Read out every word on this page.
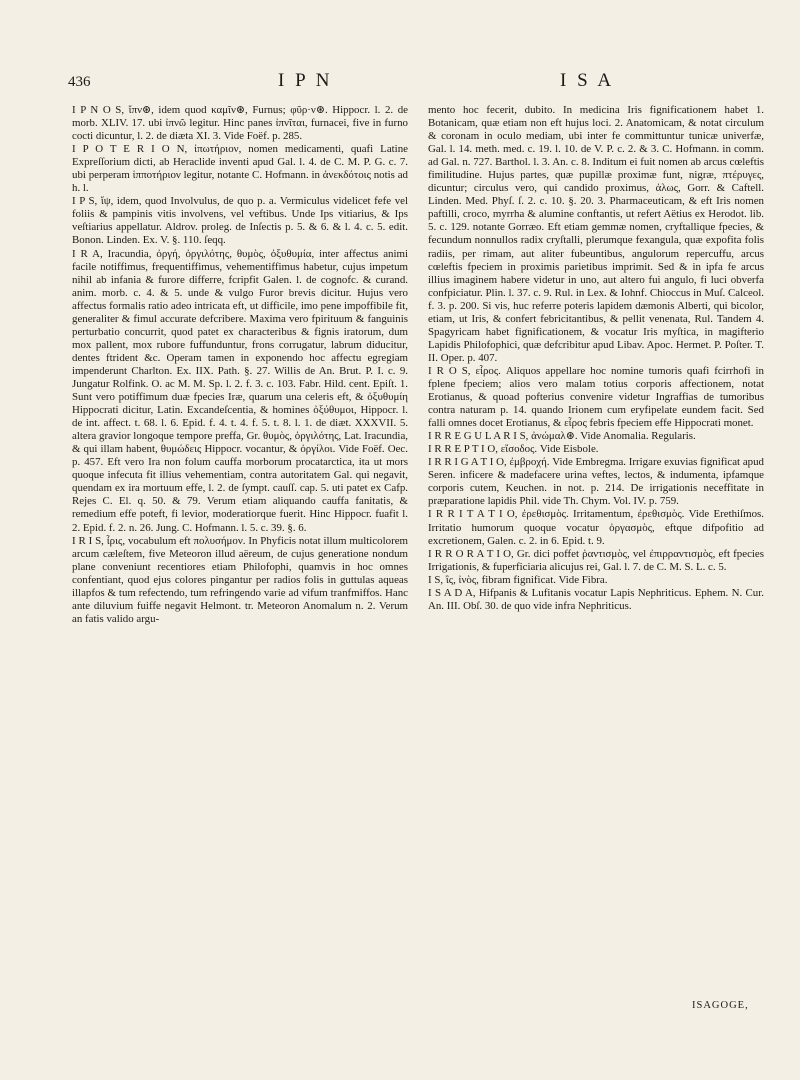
436	I P N	I S A

I P N O S, ἴπν⊛, idem quod καμῖν⊛, Furnus; φῦρ·ν⊛. Hippocr. l. 2. de morb. XLIV. 17. ubi ἰπνῶ legitur. Hinc panes ἰπνῖται, furnacei, five in furno cocti dicuntur, l. 2. de diæta XI. 3. Vide Foëf. p. 285.

I P O T E R I O N, ἰπωτήριον, nomen medicamenti, quafi Latine Expreſſorium dicti, ab Heraclide inventi apud Gal. l. 4. de C. M. P. G. c. 7. ubi perperam ἱπποτήριον legitur, notante C. Hofmann. in ἀνεκδότοις notis ad h. l.

I P S, ἴψ, idem, quod Involvulus, de quo p. a. Vermiculus videlicet fefe vel foliis & pampinis vitis involvens, vel veftibus. Unde Ips vitiarius, & Ips veſtiarius appellatur. Aldrov. proleg. de Inſectis p. 5. & 6. & l. 4. c. 5. edit. Bonon. Linden. Ex. V. §. 110. ſeqq.

I R A, Iracundia, ὀργή, ὀργιλότης, θυμὸς, ὀξυθυμία, inter affectus animi facile notiffimus, frequentiffimus, vehementiffimus habetur, cujus impetum nihil ab infania & furore differre, fcripfit Galen. l. de cognofc. & curand. anim. morb. c. 4. & 5. unde & vulgo Furor brevis dicitur. Hujus vero affectus formalis ratio adeo intricata eft, ut difficile, imo pene impoffibile fit, generaliter & fimul accurate defcribere. Maxima vero fpirituum & fanguinis perturbatio concurrit, quod patet ex characteribus & fignis iratorum, dum mox pallent, mox rubore fuffunduntur, frons corrugatur, labrum diducitur, dentes ftrident &c. Operam tamen in exponendo hoc affectu egregiam impenderunt Charlton. Ex. IIX. Path. §. 27. Willis de An. Brut. P. I. c. 9. Jungatur Rolfink. O. ac M. M. Sp. l. 2. f. 3. c. 103. Fabr. Hild. cent. Epiſt. 1. Sunt vero potiffimum duæ fpecies Iræ, quarum una celeris eft, & ὀξυθυμίη Hippocrati dicitur, Latin. Excandeſcentia, & homines ὀξύθυμοι, Hippocr. l. de int. affect. t. 68. l. 6. Epid. f. 4. t. 4. f. 5. t. 8. l. 1. de diæt. XXXVII. 5. altera gravior longoque tempore preffa, Gr. θυμὸς, ὀργιλότης, Lat. Iracundia, & qui illam habent, θυμώδεις Hippocr. vocantur, & ὀργίλοι. Vide Foëf. Oec. p. 457. Eft vero Ira non folum cauffa morborum procatarctica, ita ut mors quoque infecuta fit illius vehementiam, contra autoritatem Gal. qui negavit, quendam ex ira mortuum effe, l. 2. de ſympt. cauſſ. cap. 5. uti patet ex Cafp. Rejes C. El. q. 50. & 79. Verum etiam aliquando cauffa fanitatis, & remedium effe poteft, fi levior, moderatiorque fuerit. Hinc Hippocr. fuafit l. 2. Epid. f. 2. n. 26. Jung. C. Hofmann. l. 5. c. 39. §. 6.

I R I S, ἶρις, vocabulum eft πολυσήμον. In Phyficis notat illum multicolorem arcum cæleſtem, five Meteoron illud aëreum, de cujus generatione nondum plane conveniunt recentiores etiam Philofophi, quamvis in hoc omnes confentiant, quod ejus colores pingantur per radios folis in guttulas aqueas illapfos & tum refectendo, tum refringendo varie ad vifum tranfmiffos. Hanc ante diluvium fuiffe negavit Helmont. tr. Meteoron Anomalum n. 2. Verum an fatis valido argu-

mento hoc fecerit, dubito. In medicina Iris fignificationem habet 1. Botanicam, quæ etiam non eft hujus loci. 2. Anatomicam, & notat circulum & coronam in oculo mediam, ubi inter fe committuntur tunicæ univerfæ, Gal. l. 14. meth. med. c. 19. l. 10. de V. P. c. 2. & 3. C. Hofmann. in comm. ad Gal. n. 727. Barthol. l. 3. An. c. 8. Inditum ei fuit nomen ab arcus cœleftis fimilitudine. Hujus partes, quæ pupillæ proximæ funt, nigræ, πτέρυγες, dicuntur; circulus vero, qui candido proximus, ἀλως, Gorr. & Caftell. Linden. Med. Phyſ. ſ. 2. c. 10. §. 20. 3. Pharmaceuticam, & eft Iris nomen paftilli, croco, myrrha & alumine conftantis, ut refert Aëtius ex Herodot. lib. 5. c. 129. notante Gorræo. Eft etiam gemmæ nomen, cryftallique fpecies, & fecundum nonnullos radix cryſtalli, plerumque fexangula, quæ expofita folis radiis, per rimam, aut aliter fubeuntibus, angulorum repercuffu, arcus cœleftis fpeciem in proximis parietibus imprimit. Sed & in ipfa fe arcus illius imaginem habere videtur in uno, aut altero fui angulo, fi luci obverfa confpiciatur. Plin. l. 37. c. 9. Rul. in Lex. & Iohnf. Chioccus in Muſ. Calceol. f. 3. p. 200. Si vis, huc referre poteris lapidem dæmonis Alberti, qui bicolor, etiam, ut Iris, & confert febricitantibus, & pellit venenata, Rul. Tandem 4. Spagyricam habet fignificationem, & vocatur Iris myſtica, in magifterio Lapidis Philofophici, quæ defcribitur apud Libav. Apoc. Hermet. P. Poſter. T. II. Oper. p. 407.

I R O S, εἶρος. Aliquos appellare hoc nomine tumoris quafi fcirrhofi in fplene fpeciem; alios vero malam totius corporis affectionem, notat Erotianus, & quoad pofterius convenire videtur Ingraffias de tumoribus contra naturam p. 14. quando Irionem cum eryfipelate eundem facit. Sed falli omnes docet Erotianus, & εἶρος febris fpeciem effe Hippocrati monet.

I R R E G U L A R I S, ἀνώμαλ⊛. Vide Anomalia. Regularis.

I R R E P T I O, εἴσοδος. Vide Eisbole.

I R R I G A T I O, ἐμβροχή. Vide Embregma. Irrigare exuvias fignificat apud Seren. inficere & madefacere urina veftes, lectos, & indumenta, ipfamque corporis cutem, Keuchen. in not. p. 214. De irrigationis neceffitate in præparatione lapidis Phil. vide Th. Chym. Vol. IV. p. 759.

I R R I T A T I O, ἐρεθισμὸς. Irritamentum, ἐρεθισμὸς. Vide Erethiſmos. Irritatio humorum quoque vocatur ὀργασμὸς, eftque difpofitio ad excretionem, Galen. c. 2. in 6. Epid. t. 9.

I R R O R A T I O, Gr. dici poffet ῥαντισμὸς, vel ἐπιρραντισμὸς, eft fpecies Irrigationis, & fuperficiaria alicujus rei, Gal. l. 7. de C. M. S. L. c. 5.

I S, ἲς, ἰνὸς, fibram fignificat. Vide Fibra.

I S A D A, Hifpanis & Lufitanis vocatur Lapis Nephriticus. Ephem. N. Cur. An. III. Obſ. 30. de quo vide infra Nephriticus.

ISAGOGE,
